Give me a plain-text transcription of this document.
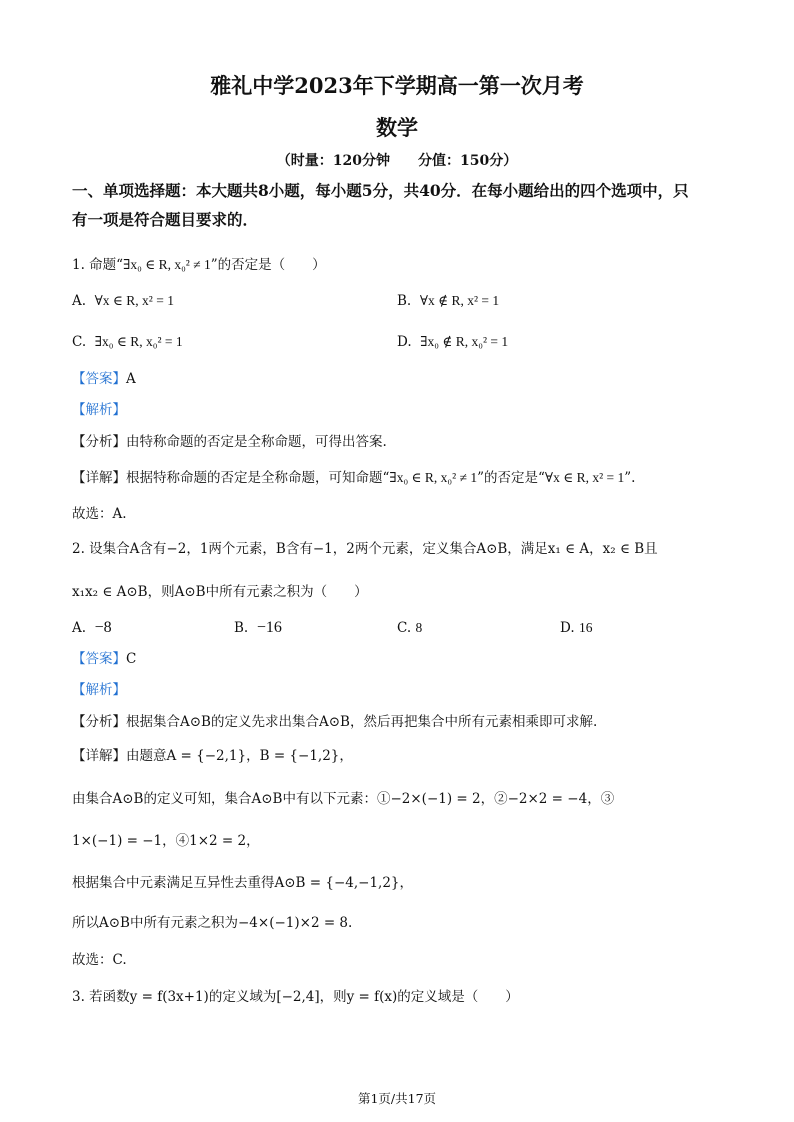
雅礼中学2023年下学期高一第一次月考
数学
（时量：120分钟　　分值：150分）
一、单项选择题：本大题共8小题，每小题5分，共40分．在每小题给出的四个选项中，只
有一项是符合题目要求的．
1. 命题“∃x₀ ∈ R, x₀² ≠ 1”的否定是（　　）
A. ∀x ∈ R, x² = 1	B. ∀x ∉ R, x² = 1
C. ∃x₀ ∈ R, x₀² = 1	D. ∃x₀ ∉ R, x₀² = 1
【答案】A
【解析】
【分析】由特称命题的否定是全称命题，可得出答案.
【详解】根据特称命题的否定是全称命题，可知命题“∃x₀ ∈ R, x₀² ≠ 1”的否定是“∀x ∈ R, x² = 1”.
故选：A.
2. 设集合A含有−2，1两个元素，B含有−1，2两个元素，定义集合A⊙B，满足x₁ ∈ A，x₂ ∈ B且
x₁x₂ ∈ A⊙B，则A⊙B中所有元素之积为（　　）
A. −8	B. −16	C. 8	D. 16
【答案】C
【解析】
【分析】根据集合A⊙B的定义先求出集合A⊙B，然后再把集合中所有元素相乘即可求解.
【详解】由题意A = {−2,1}，B = {−1,2}，
由集合A⊙B的定义可知，集合A⊙B中有以下元素：①−2×(−1) = 2，②−2×2 = −4，③
1×(−1) = −1，④1×2 = 2，
根据集合中元素满足互异性去重得A⊙B = {−4,−1,2}，
所以A⊙B中所有元素之积为−4×(−1)×2 = 8.
故选：C.
3. 若函数y = f(3x+1)的定义域为[−2,4]，则y = f(x)的定义域是（　　）
第1页/共17页
